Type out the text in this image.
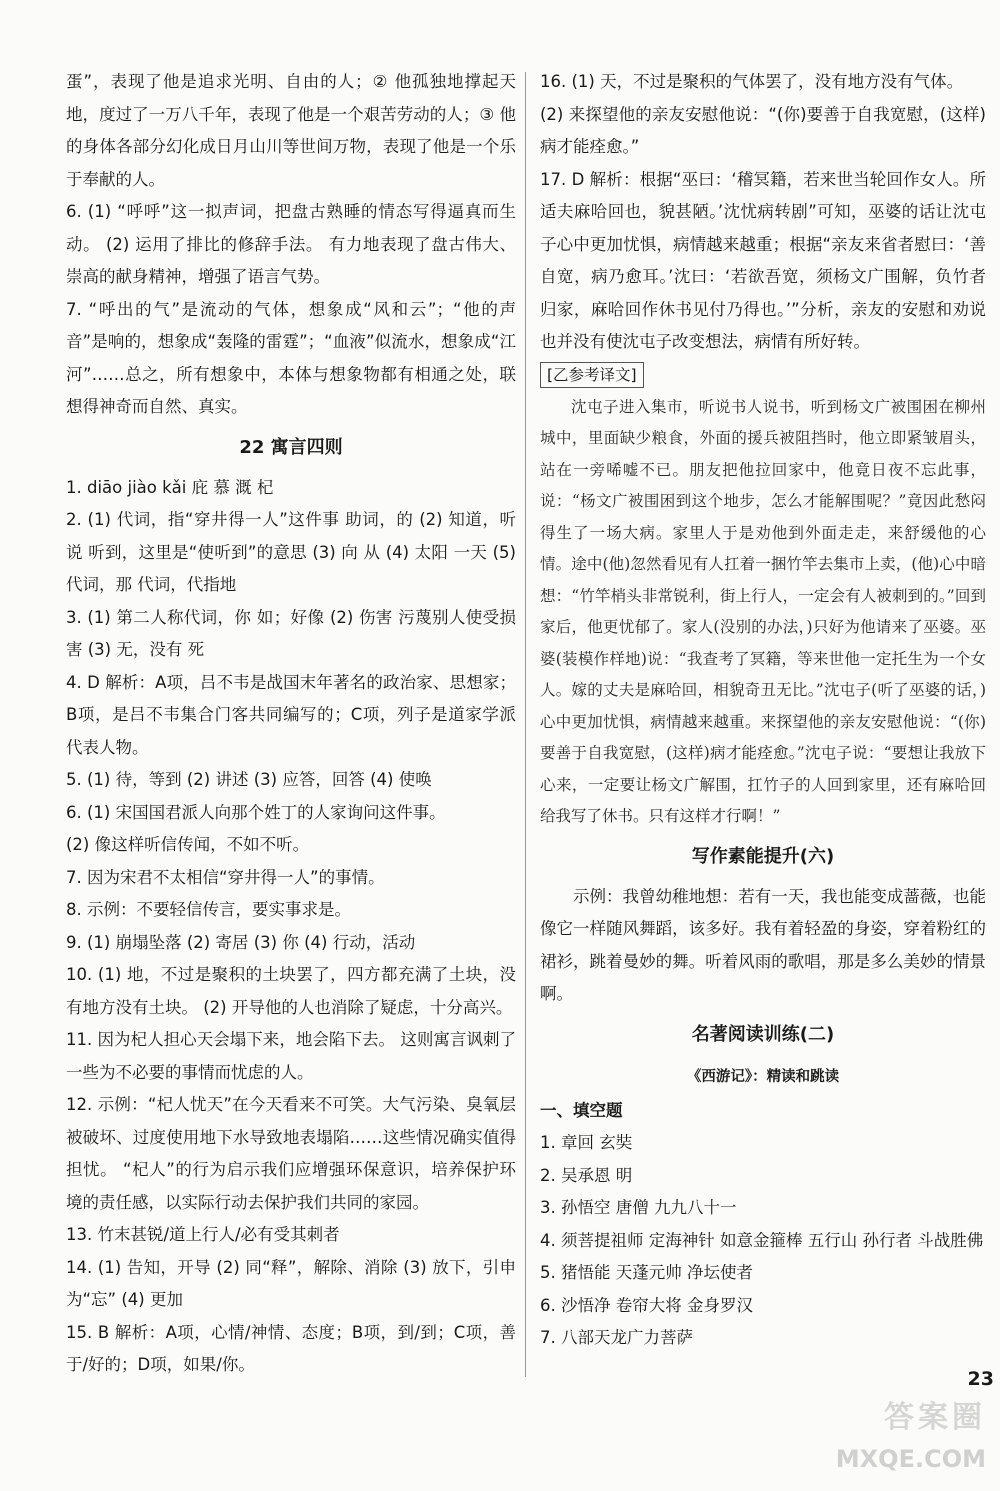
蛋”，表现了他是追求光明、自由的人；② 他孤独地撑起天地，度过了一万八千年，表现了他是一个艰苦劳动的人；③ 他的身体各部分幻化成日月山川等世间万物，表现了他是一个乐于奉献的人。

6. (1) “呼呼”这一拟声词，把盘古熟睡的情态写得逼真而生动。 (2) 运用了排比的修辞手法。 有力地表现了盘古伟大、崇高的献身精神，增强了语言气势。

7. “呼出的气”是流动的气体，想象成“风和云”；“他的声音”是响的，想象成“轰隆的雷霆”；“血液”似流水，想象成“江河”……总之，所有想象中，本体与想象物都有相通之处，联想得神奇而自然、真实。

22 寓言四则

1. diāo jiào kǎi 庇 慕 溉 杞

2. (1) 代词，指“穿井得一人”这件事 助词，的 (2) 知道，听说 听到，这里是“使听到”的意思 (3) 向 从 (4) 太阳 一天 (5) 代词，那 代词，代指地

3. (1) 第二人称代词，你 如；好像 (2) 伤害 污蔑别人使受损害 (3) 无，没有 死

4. D 解析：A项，吕不韦是战国末年著名的政治家、思想家；B项，是吕不韦集合门客共同编写的；C项，列子是道家学派代表人物。

5. (1) 待，等到 (2) 讲述 (3) 应答，回答 (4) 使唤

6. (1) 宋国国君派人向那个姓丁的人家询问这件事。

(2) 像这样听信传闻，不如不听。

7. 因为宋君不太相信“穿井得一人”的事情。

8. 示例：不要轻信传言，要实事求是。

9. (1) 崩塌坠落 (2) 寄居 (3) 你 (4) 行动，活动

10. (1) 地，不过是聚积的土块罢了，四方都充满了土块，没有地方没有土块。 (2) 开导他的人也消除了疑虑，十分高兴。

11. 因为杞人担心天会塌下来，地会陷下去。 这则寓言讽刺了一些为不必要的事情而忧虑的人。

12. 示例：“杞人忧天”在今天看来不可笑。大气污染、臭氧层被破坏、过度使用地下水导致地表塌陷……这些情况确实值得担忧。 “杞人”的行为启示我们应增强环保意识，培养保护环境的责任感，以实际行动去保护我们共同的家园。

13. 竹末甚锐/道上行人/必有受其刺者

14. (1) 告知，开导 (2) 同“释”，解除、消除 (3) 放下，引申为“忘” (4) 更加

15. B 解析：A项，心情/神情、态度；B项，到/到；C项，善于/好的；D项，如果/你。

16. (1) 天，不过是聚积的气体罢了，没有地方没有气体。

(2) 来探望他的亲友安慰他说：“(你)要善于自我宽慰，(这样)病才能痊愈。”

17. D 解析：根据“巫曰：‘稽冥籍，若来世当轮回作女人。所适夫麻哈回也，貌甚陋。’沈忧病转剧”可知，巫婆的话让沈屯子心中更加忧惧，病情越来越重；根据“亲友来省者慰曰：‘善自宽，病乃愈耳。’沈曰：‘若欲吾宽，须杨文广围解，负竹者归家，麻哈回作休书见付乃得也。’”分析，亲友的安慰和劝说也并没有使沈屯子改变想法，病情有所好转。

[乙参考译文]

沈屯子进入集市，听说书人说书，听到杨文广被围困在柳州城中，里面缺少粮食，外面的援兵被阻挡时，他立即紧皱眉头，站在一旁唏嘘不已。朋友把他拉回家中，他竟日夜不忘此事，说：“杨文广被围困到这个地步，怎么才能解围呢？”竟因此愁闷得生了一场大病。家里人于是劝他到外面走走，来舒缓他的心情。途中(他)忽然看见有人扛着一捆竹竿去集市上卖，(他)心中暗想：“竹竿梢头非常锐利，街上行人，一定会有人被刺到的。”回到家后，他更忧郁了。家人(没别的办法，)只好为他请来了巫婆。巫婆(装模作样地)说：“我查考了冥籍，等来世他一定托生为一个女人。嫁的丈夫是麻哈回，相貌奇丑无比。”沈屯子(听了巫婆的话，)心中更加忧惧，病情越来越重。来探望他的亲友安慰他说：“(你)要善于自我宽慰，(这样)病才能痊愈。”沈屯子说：“要想让我放下心来，一定要让杨文广解围，扛竹子的人回到家里，还有麻哈回给我写了休书。只有这样才行啊！”

写作素能提升(六)

示例：我曾幼稚地想：若有一天，我也能变成蔷薇，也能像它一样随风舞蹈，该多好。我有着轻盈的身姿，穿着粉红的裙衫，跳着曼妙的舞。听着风雨的歌唱，那是多么美妙的情景啊。

名著阅读训练(二)
《西游记》：精读和跳读

一、填空题

1. 章回 玄奘

2. 吴承恩 明

3. 孙悟空 唐僧 九九八十一

4. 须菩提祖师 定海神针 如意金箍棒 五行山 孙行者 斗战胜佛

5. 猪悟能 天蓬元帅 净坛使者

6. 沙悟净 卷帘大将 金身罗汉

7. 八部天龙广力菩萨

23
答案圈
MXQE.COM
